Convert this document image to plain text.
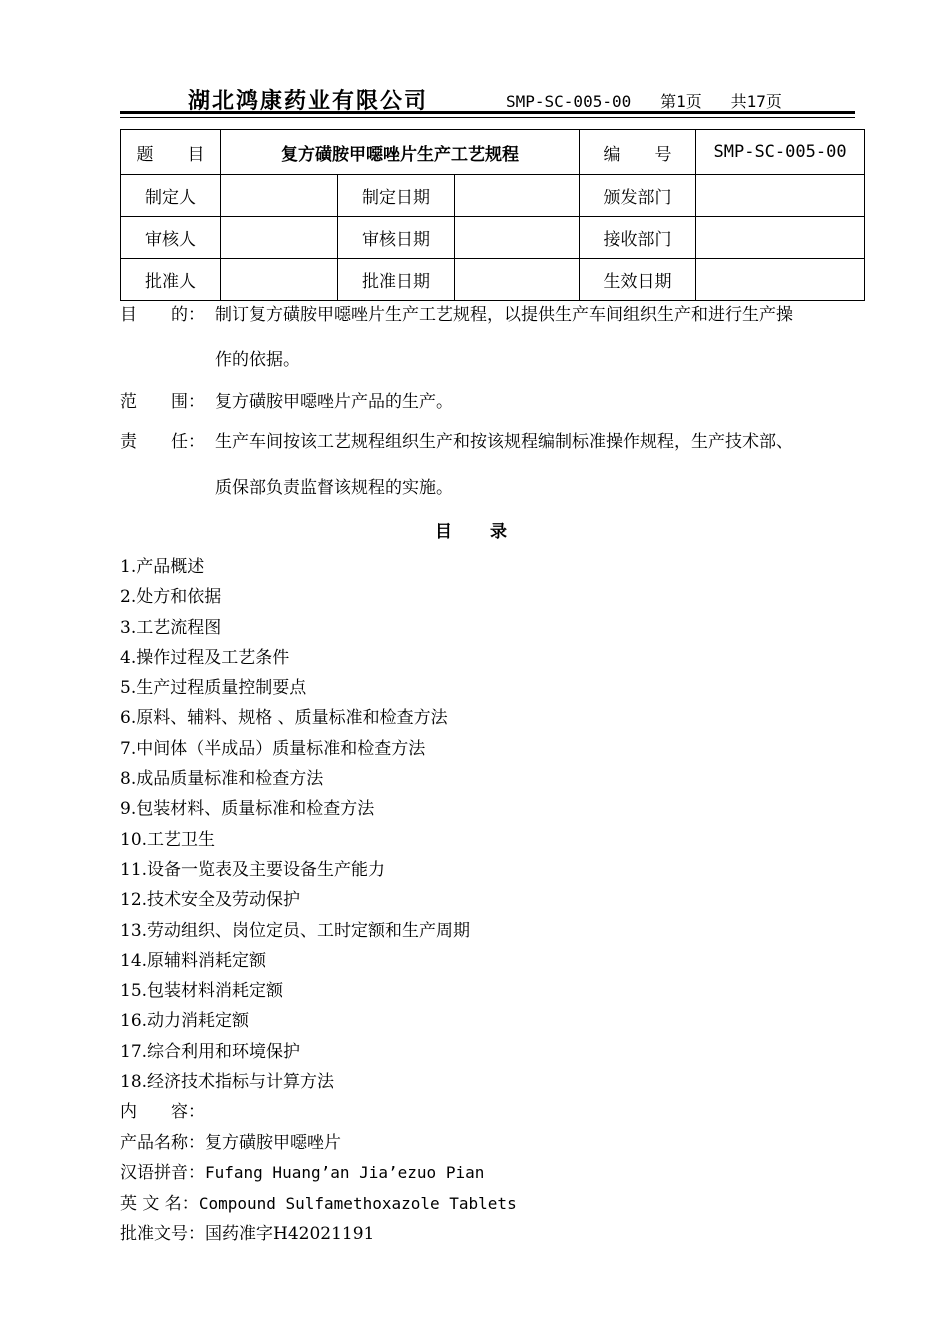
湖北鸿康药业有限公司	SMP-SC-005-00   第1页   共17页
题　　目	复方磺胺甲噁唑片生产工艺规程			编　　号	SMP-SC-005-00
制定人		制定日期		颁发部门	
审核人		审核日期		接收部门	
批准人		批准日期		生效日期	
目　　的： 制订复方磺胺甲噁唑片生产工艺规程，以提供生产车间组织生产和进行生产操
作的依据。
范　　围： 复方磺胺甲噁唑片产品的生产。
责　　任： 生产车间按该工艺规程组织生产和按该规程编制标准操作规程，生产技术部、
质保部负责监督该规程的实施。
目录
1.产品概述
2.处方和依据
3.工艺流程图
4.操作过程及工艺条件
5.生产过程质量控制要点
6.原料、辅料、规格 、质量标准和检查方法
7.中间体（半成品）质量标准和检查方法
8.成品质量标准和检查方法
9.包装材料、质量标准和检查方法
10.工艺卫生
11.设备一览表及主要设备生产能力
12.技术安全及劳动保护
13.劳动组织、岗位定员、工时定额和生产周期
14.原辅料消耗定额
15.包装材料消耗定额
16.动力消耗定额
17.综合利用和环境保护
18.经济技术指标与计算方法
内　　容：
产品名称：复方磺胺甲噁唑片
汉语拼音：Fufang Huang’an Jia’ezuo Pian
英 文 名：Compound Sulfamethoxazole Tablets
批准文号：国药准字H42021191
